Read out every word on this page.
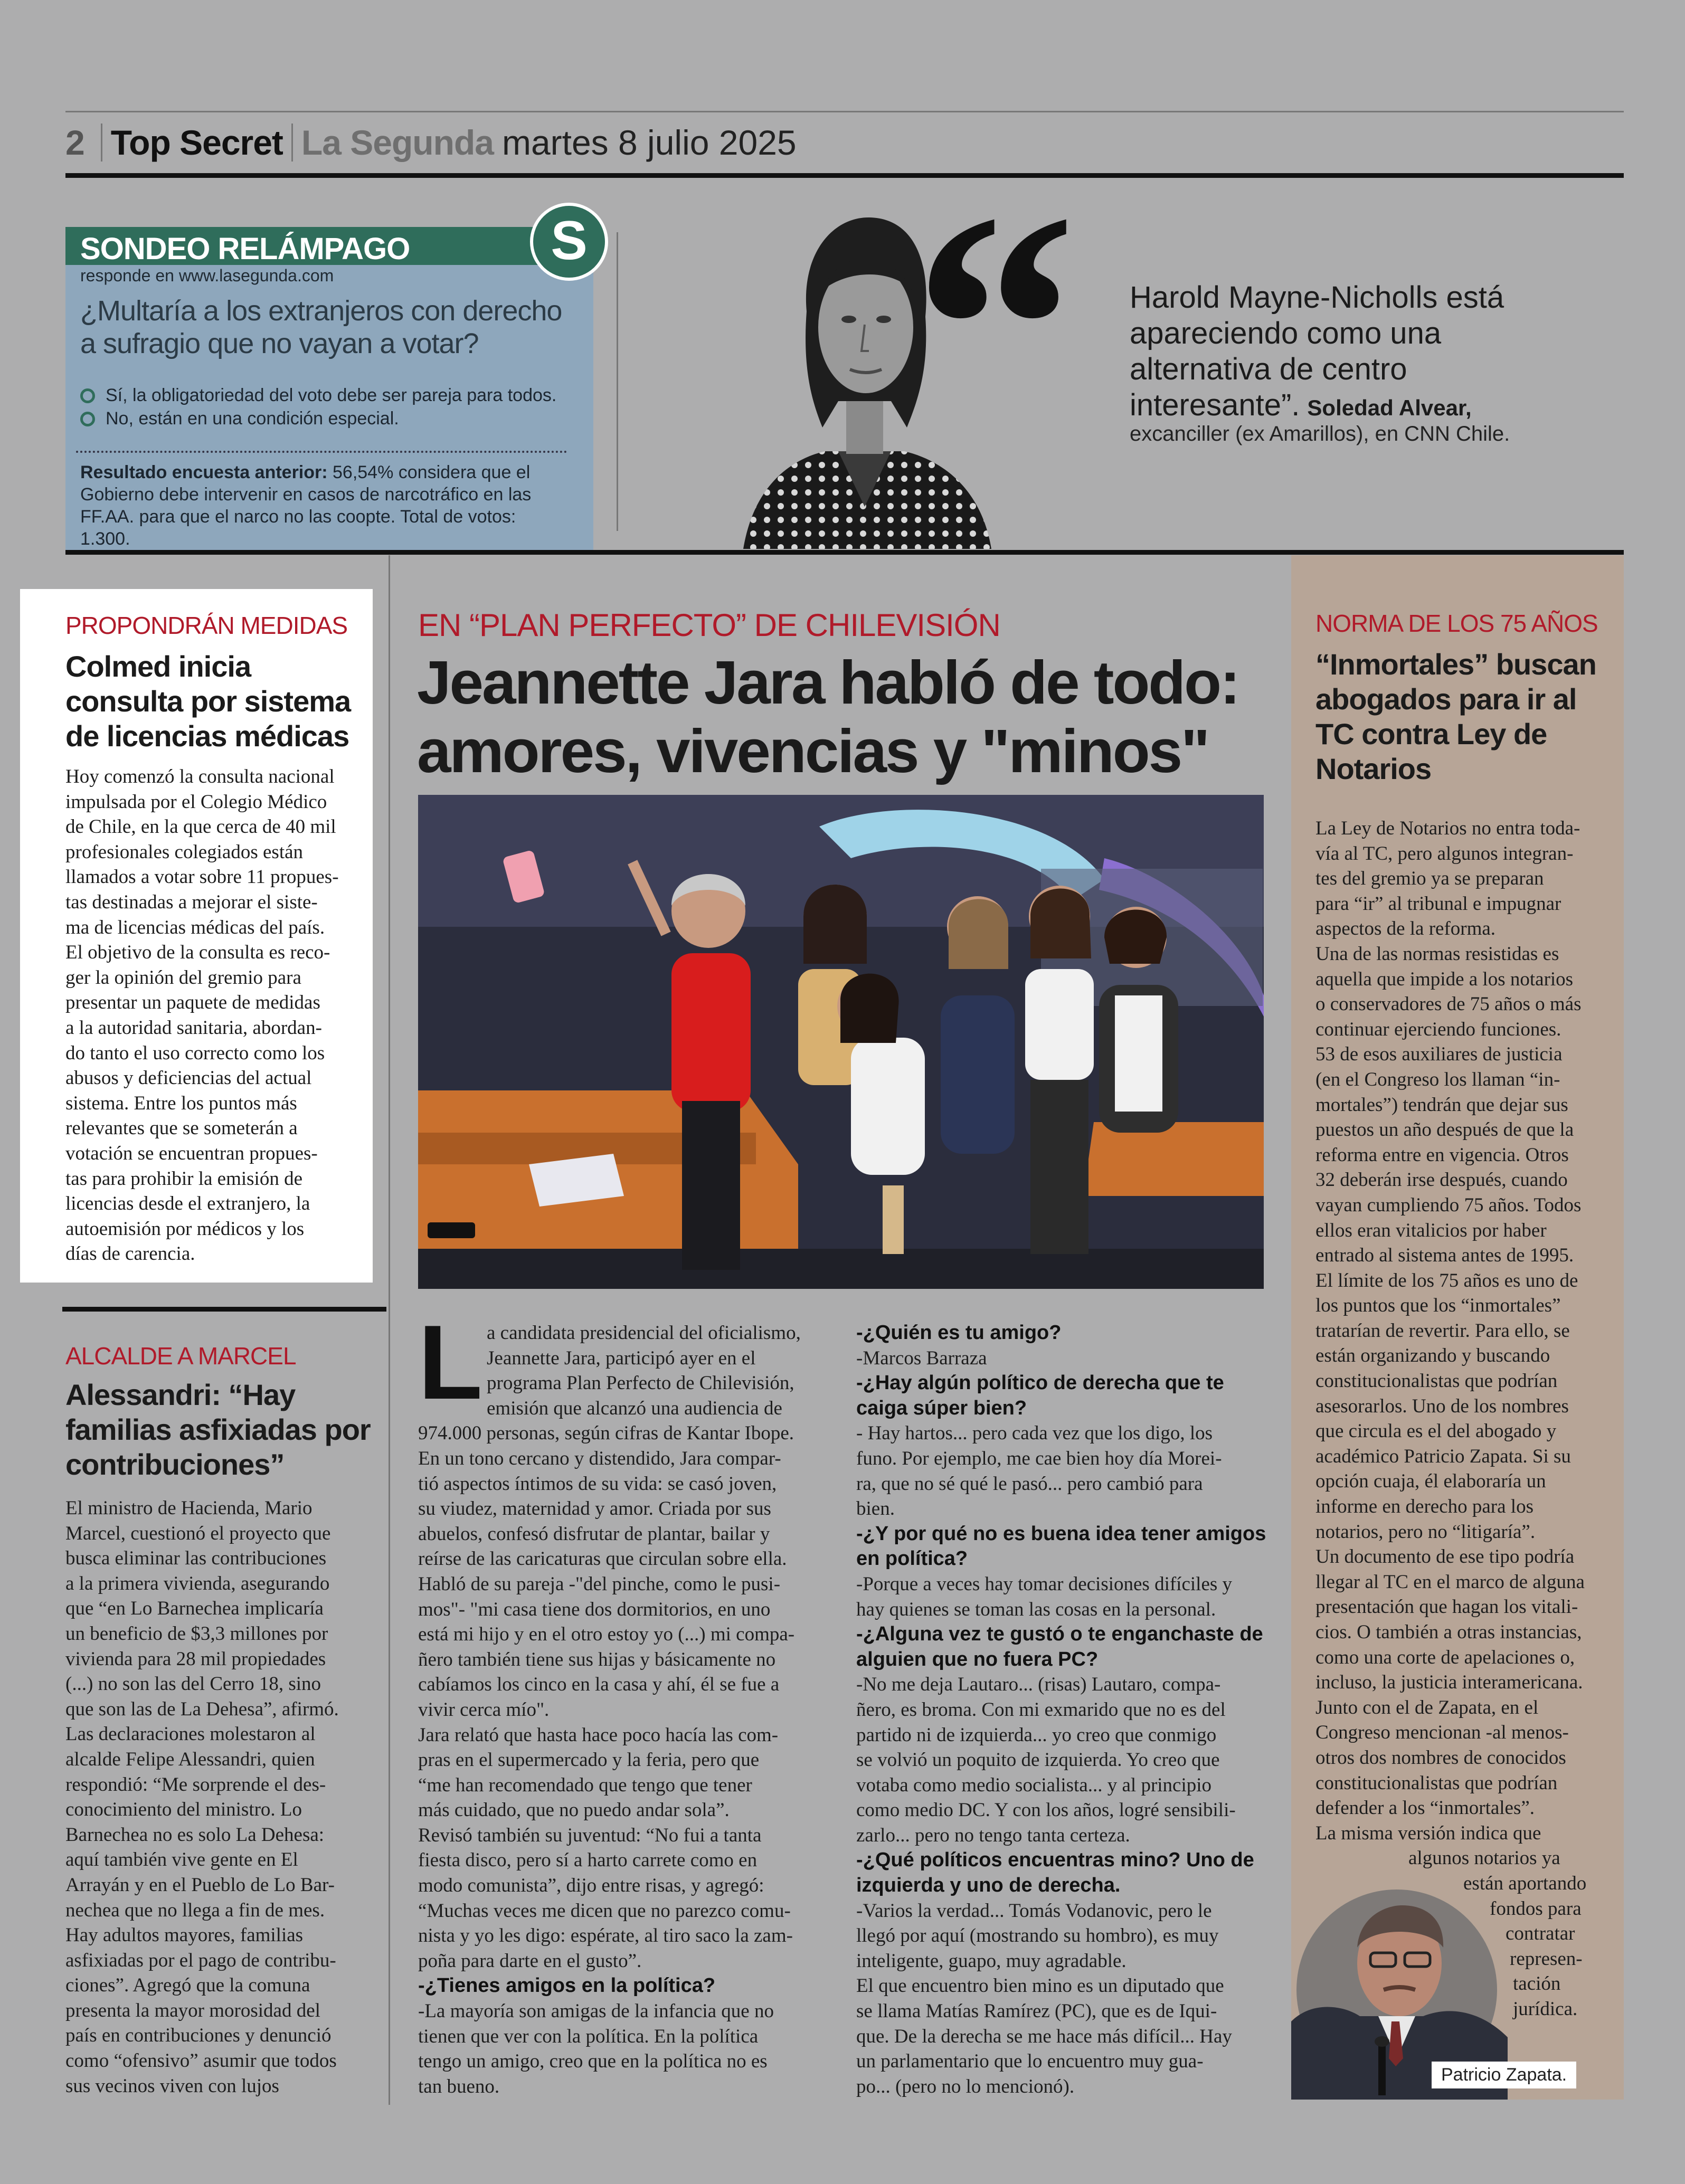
2 Top Secret La Segunda martes 8 julio 2025
SONDEO RELÁMPAGO	S
responde en www.lasegunda.com
¿Multaría a los extranjeros con derecho a sufragio que no vayan a votar?
Sí, la obligatoriedad del voto debe ser pareja para todos.
No, están en una condición especial.
Resultado encuesta anterior: 56,54% considera que el Gobierno debe intervenir en casos de narcotráfico en las FF.AA. para que el narco no las coopte. Total de votos: 1.300.
“ Harold Mayne-Nicholls está apareciendo como una alternativa de centro interesante”. Soledad Alvear,
excanciller (ex Amarillos), en CNN Chile.
PROPONDRÁN MEDIDAS
Colmed inicia consulta por sistema de licencias médicas
Hoy comenzó la consulta nacional
impulsada por el Colegio Médico
de Chile, en la que cerca de 40 mil
profesionales colegiados están
llamados a votar sobre 11 propues-
tas destinadas a mejorar el siste-
ma de licencias médicas del país.
El objetivo de la consulta es reco-
ger la opinión del gremio para
presentar un paquete de medidas
a la autoridad sanitaria, abordan-
do tanto el uso correcto como los
abusos y deficiencias del actual
sistema. Entre los puntos más
relevantes que se someterán a
votación se encuentran propues-
tas para prohibir la emisión de
licencias desde el extranjero, la
autoemisión por médicos y los
días de carencia.
ALCALDE A MARCEL
Alessandri: “Hay familias asfixiadas por contribuciones”
El ministro de Hacienda, Mario
Marcel, cuestionó el proyecto que
busca eliminar las contribuciones
a la primera vivienda, asegurando
que “en Lo Barnechea implicaría
un beneficio de $3,3 millones por
vivienda para 28 mil propiedades
(...) no son las del Cerro 18, sino
que son las de La Dehesa”, afirmó.
Las declaraciones molestaron al
alcalde Felipe Alessandri, quien
respondió: “Me sorprende el des-
conocimiento del ministro. Lo
Barnechea no es solo La Dehesa:
aquí también vive gente en El
Arrayán y en el Pueblo de Lo Bar-
nechea que no llega a fin de mes.
Hay adultos mayores, familias
asfixiadas por el pago de contribu-
ciones”. Agregó que la comuna
presenta la mayor morosidad del
país en contribuciones y denunció
como “ofensivo” asumir que todos
sus vecinos viven con lujos
EN “PLAN PERFECTO” DE CHILEVISIÓN
Jeannette Jara habló de todo: amores, vivencias y "minos"
L a candidata presidencial del oficialismo,
Jeannette Jara, participó ayer en el
programa Plan Perfecto de Chilevisión,
emisión que alcanzó una audiencia de
974.000 personas, según cifras de Kantar Ibope.
En un tono cercano y distendido, Jara compar-
tió aspectos íntimos de su vida: se casó joven,
su viudez, maternidad y amor. Criada por sus
abuelos, confesó disfrutar de plantar, bailar y
reírse de las caricaturas que circulan sobre ella.
Habló de su pareja -"del pinche, como le pusi-
mos"- "mi casa tiene dos dormitorios, en uno
está mi hijo y en el otro estoy yo (...) mi compa-
ñero también tiene sus hijas y básicamente no
cabíamos los cinco en la casa y ahí, él se fue a
vivir cerca mío".
Jara relató que hasta hace poco hacía las com-
pras en el supermercado y la feria, pero que
“me han recomendado que tengo que tener
más cuidado, que no puedo andar sola”.
Revisó también su juventud: “No fui a tanta
fiesta disco, pero sí a harto carrete como en
modo comunista”, dijo entre risas, y agregó:
“Muchas veces me dicen que no parezco comu-
nista y yo les digo: espérate, al tiro saco la zam-
poña para darte en el gusto”.
-¿Tienes amigos en la política?
-La mayoría son amigas de la infancia que no
tienen que ver con la política. En la política
tengo un amigo, creo que en la política no es
tan bueno.
-¿Quién es tu amigo?
-Marcos Barraza
-¿Hay algún político de derecha que te
caiga súper bien?
- Hay hartos... pero cada vez que los digo, los
funo. Por ejemplo, me cae bien hoy día Morei-
ra, que no sé qué le pasó... pero cambió para
bien.
-¿Y por qué no es buena idea tener amigos
en política?
-Porque a veces hay tomar decisiones difíciles y
hay quienes se toman las cosas en la personal.
-¿Alguna vez te gustó o te enganchaste de
alguien que no fuera PC?
-No me deja Lautaro... (risas) Lautaro, compa-
ñero, es broma. Con mi exmarido que no es del
partido ni de izquierda... yo creo que conmigo
se volvió un poquito de izquierda. Yo creo que
votaba como medio socialista... y al principio
como medio DC. Y con los años, logré sensibili-
zarlo... pero no tengo tanta certeza.
-¿Qué políticos encuentras mino? Uno de
izquierda y uno de derecha.
-Varios la verdad... Tomás Vodanovic, pero le
llegó por aquí (mostrando su hombro), es muy
inteligente, guapo, muy agradable.
El que encuentro bien mino es un diputado que
se llama Matías Ramírez (PC), que es de Iqui-
que. De la derecha se me hace más difícil... Hay
un parlamentario que lo encuentro muy gua-
po... (pero no lo mencionó).
NORMA DE LOS 75 AÑOS
“Inmortales” buscan abogados para ir al TC contra Ley de Notarios
La Ley de Notarios no entra toda-
vía al TC, pero algunos integran-
tes del gremio ya se preparan
para “ir” al tribunal e impugnar
aspectos de la reforma.
Una de las normas resistidas es
aquella que impide a los notarios
o conservadores de 75 años o más
continuar ejerciendo funciones.
53 de esos auxiliares de justicia
(en el Congreso los llaman “in-
mortales”) tendrán que dejar sus
puestos un año después de que la
reforma entre en vigencia. Otros
32 deberán irse después, cuando
vayan cumpliendo 75 años. Todos
ellos eran vitalicios por haber
entrado al sistema antes de 1995.
El límite de los 75 años es uno de
los puntos que los “inmortales”
tratarían de revertir. Para ello, se
están organizando y buscando
constitucionalistas que podrían
asesorarlos. Uno de los nombres
que circula es el del abogado y
académico Patricio Zapata. Si su
opción cuaja, él elaboraría un
informe en derecho para los
notarios, pero no “litigaría”.
Un documento de ese tipo podría
llegar al TC en el marco de alguna
presentación que hagan los vitali-
cios. O también a otras instancias,
como una corte de apelaciones o,
incluso, la justicia interamericana.
Junto con el de Zapata, en el
Congreso mencionan -al menos-
otros dos nombres de conocidos
constitucionalistas que podrían
defender a los “inmortales”.
La misma versión indica que
algunos notarios ya
están aportando
fondos para
contratar
represen-
tación
jurídica.
Patricio Zapata.
